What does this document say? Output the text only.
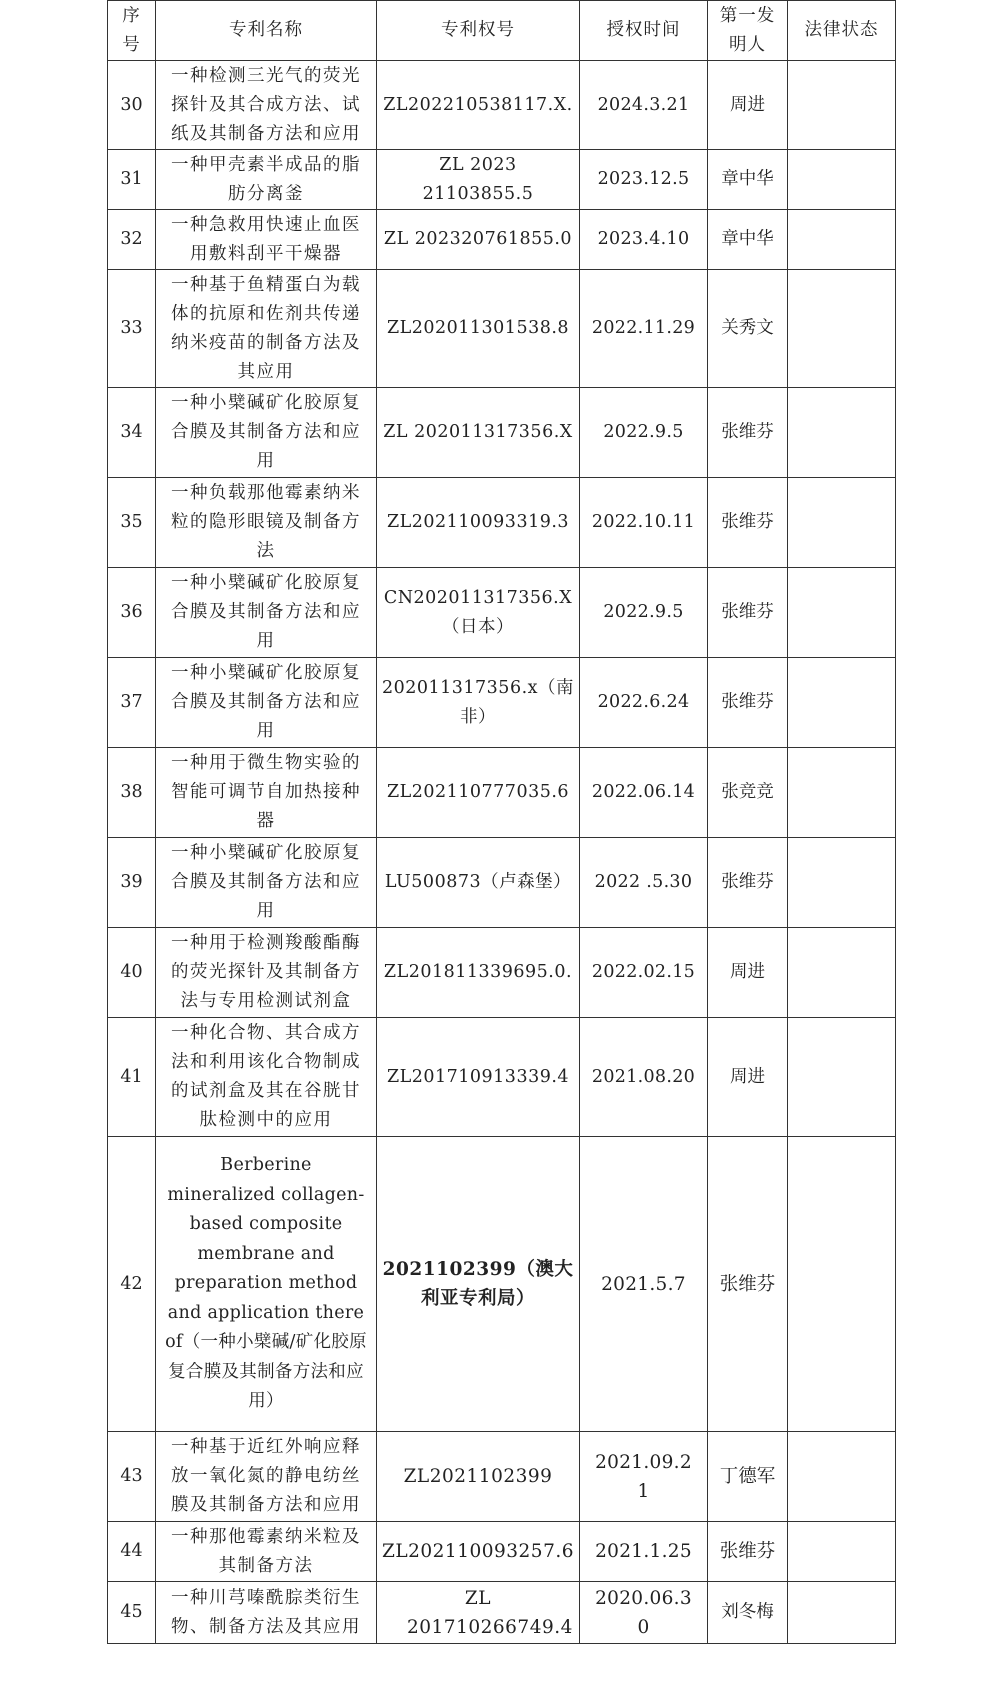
序号	专利名称	专利权号	授权时间	第一发明人	法律状态
30	一种检测三光气的荧光探针及其合成方法、试纸及其制备方法和应用	ZL202210538117.X.	2024.3.21	周进	
31	一种甲壳素半成品的脂肪分离釜	ZL 2023 21103855.5	2023.12.5	章中华	
32	一种急救用快速止血医用敷料刮平干燥器	ZL 202320761855.0	2023.4.10	章中华	
33	一种基于鱼精蛋白为载体的抗原和佐剂共传递纳米疫苗的制备方法及其应用	ZL202011301538.8	2022.11.29	关秀文	
34	一种小檗碱矿化胶原复合膜及其制备方法和应用	ZL 202011317356.X	2022.9.5	张维芬	
35	一种负载那他霉素纳米粒的隐形眼镜及制备方法	ZL202110093319.3	2022.10.11	张维芬	
36	一种小檗碱矿化胶原复合膜及其制备方法和应用	CN202011317356.X（日本）	2022.9.5	张维芬	
37	一种小檗碱矿化胶原复合膜及其制备方法和应用	202011317356.x（南非）	2022.6.24	张维芬	
38	一种用于微生物实验的智能可调节自加热接种器	ZL202110777035.6	2022.06.14	张竞竞	
39	一种小檗碱矿化胶原复合膜及其制备方法和应用	LU500873（卢森堡）	2022 .5.30	张维芬	
40	一种用于检测羧酸酯酶的荧光探针及其制备方法与专用检测试剂盒	ZL201811339695.0.	2022.02.15	周进	
41	一种化合物、其合成方法和利用该化合物制成的试剂盒及其在谷胱甘肽检测中的应用	ZL201710913339.4	2021.08.20	周进	
42	Berberine mineralized collagen-based composite membrane and preparation method and application there of（一种小檗碱/矿化胶原复合膜及其制备方法和应用）	2021102399（澳大利亚专利局）	2021.5.7	张维芬	
43	一种基于近红外响应释放一氧化氮的静电纺丝膜及其制备方法和应用	ZL2021102399	2021.09.21	丁德军	
44	一种那他霉素纳米粒及其制备方法	ZL202110093257.6	2021.1.25	张维芬	
45	一种川芎嗪酰腙类衍生物、制备方法及其应用	ZL 201710266749.4	2020.06.30	刘冬梅	
